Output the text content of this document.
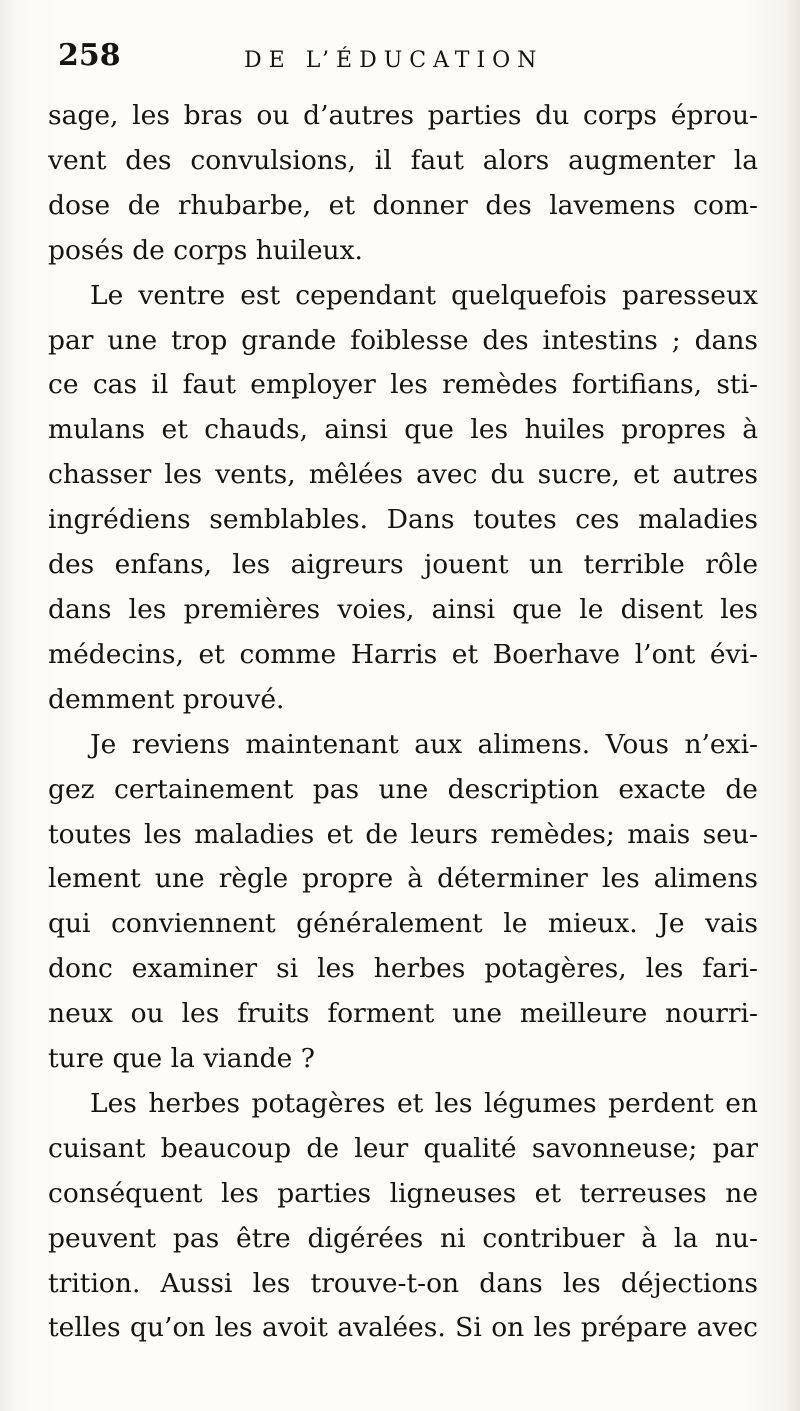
258	DE L’ÉDUCATION

sage, les bras ou d’autres parties du corps éprou-
vent des convulsions, il faut alors augmenter la
dose de rhubarbe, et donner des lavemens com-
posés de corps huileux.

Le ventre est cependant quelquefois paresseux
par une trop grande foiblesse des intestins ; dans
ce cas il faut employer les remèdes fortifians, sti-
mulans et chauds, ainsi que les huiles propres à
chasser les vents, mêlées avec du sucre, et autres
ingrédiens semblables. Dans toutes ces maladies
des enfans, les aigreurs jouent un terrible rôle
dans les premières voies, ainsi que le disent les
médecins, et comme Harris et Boerhave l’ont évi-
demment prouvé.

Je reviens maintenant aux alimens. Vous n’exi-
gez certainement pas une description exacte de
toutes les maladies et de leurs remèdes; mais seu-
lement une règle propre à déterminer les alimens
qui conviennent généralement le mieux. Je vais
donc examiner si les herbes potagères, les fari-
neux ou les fruits forment une meilleure nourri-
ture que la viande ?

Les herbes potagères et les légumes perdent en
cuisant beaucoup de leur qualité savonneuse; par
conséquent les parties ligneuses et terreuses ne
peuvent pas être digérées ni contribuer à la nu-
trition. Aussi les trouve-t-on dans les déjections
telles qu’on les avoit avalées. Si on les prépare avec
